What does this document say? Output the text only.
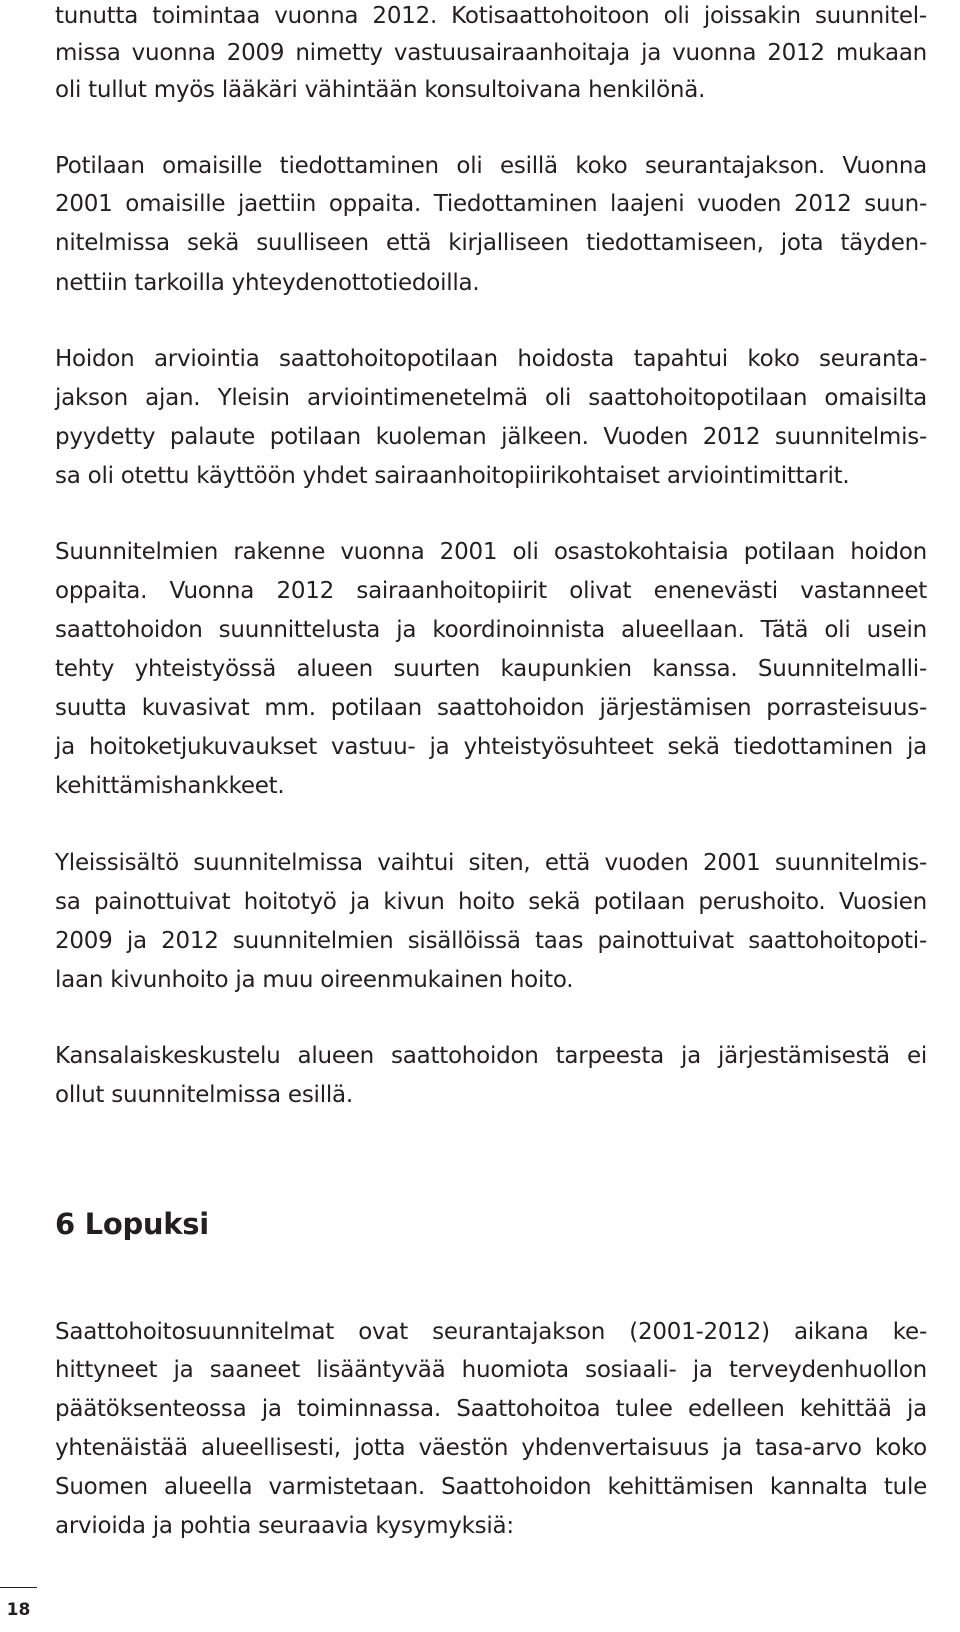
tunutta toimintaa vuonna 2012. Kotisaattohoitoon oli joissakin suunnitel-
missa vuonna 2009 nimetty vastuusairaanhoitaja ja vuonna 2012 mukaan
oli tullut myös lääkäri vähintään konsultoivana henkilönä.
Potilaan omaisille tiedottaminen oli esillä koko seurantajakson. Vuonna
2001 omaisille jaettiin oppaita. Tiedottaminen laajeni vuoden 2012 suun-
nitelmissa sekä suulliseen että kirjalliseen tiedottamiseen, jota täyden-
nettiin tarkoilla yhteydenottotiedoilla.
Hoidon arviointia saattohoitopotilaan hoidosta tapahtui koko seuranta-
jakson ajan. Yleisin arviointimenetelmä oli saattohoitopotilaan omaisilta
pyydetty palaute potilaan kuoleman jälkeen. Vuoden 2012 suunnitelmis-
sa oli otettu käyttöön yhdet sairaanhoitopiirikohtaiset arviointimittarit.
Suunnitelmien rakenne vuonna 2001 oli osastokohtaisia potilaan hoidon
oppaita. Vuonna 2012 sairaanhoitopiirit olivat enenevästi vastanneet
saattohoidon suunnittelusta ja koordinoinnista alueellaan. Tätä oli usein
tehty yhteistyössä alueen suurten kaupunkien kanssa. Suunnitelmalli-
suutta kuvasivat mm. potilaan saattohoidon järjestämisen porrasteisuus-
ja hoitoketjukuvaukset vastuu- ja yhteistyösuhteet sekä tiedottaminen ja
kehittämishankkeet.
Yleissisältö suunnitelmissa vaihtui siten, että vuoden 2001 suunnitelmis-
sa painottuivat hoitotyö ja kivun hoito sekä potilaan perushoito. Vuosien
2009 ja 2012 suunnitelmien sisällöissä taas painottuivat saattohoitopoti-
laan kivunhoito ja muu oireenmukainen hoito.
Kansalaiskeskustelu alueen saattohoidon tarpeesta ja järjestämisestä ei
ollut suunnitelmissa esillä.
6 Lopuksi
Saattohoitosuunnitelmat ovat seurantajakson (2001-2012) aikana ke-
hittyneet ja saaneet lisääntyvää huomiota sosiaali- ja terveydenhuollon
päätöksenteossa ja toiminnassa. Saattohoitoa tulee edelleen kehittää ja
yhtenäistää alueellisesti, jotta väestön yhdenvertaisuus ja tasa-arvo koko
Suomen alueella varmistetaan. Saattohoidon kehittämisen kannalta tule
arvioida ja pohtia seuraavia kysymyksiä:
18
